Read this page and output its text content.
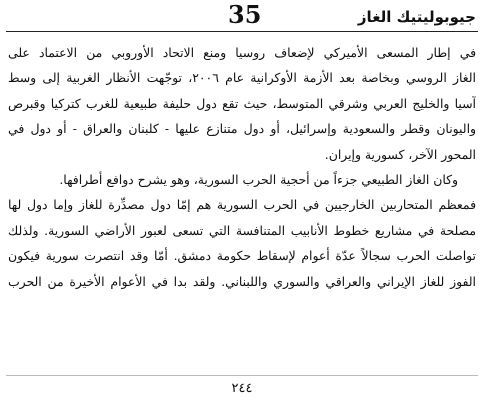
جيوبوليتيك الغاز
35
في إطار المسعى الأميركي لإضعاف روسيا ومنع الاتحاد الأوروبي من الاعتماد على
الغاز الروسي وبخاصة بعد الأزمة الأوكرانية عام ٢٠٠٦، توجّهت الأنظار الغربية إلى وسط
آسيا والخليج العربي وشرقي المتوسط، حيث تقع دول حليفة طبيعية للغرب كتركيا وقبرص
واليونان وقطر والسعودية وإسرائيل، أو دول متنازع عليها - كلبنان والعراق - أو دول في
المحور الآخر، كسورية وإيران.
وكان الغاز الطبيعي جزءاً من أحجية الحرب السورية، وهو يشرح دوافع أطرافها.
فمعظم المتحاربين الخارجيين في الحرب السورية هم إمّا دول مصدِّرة للغاز وإما دول لها
مصلحة في مشاريع خطوط الأنابيب المتنافسة التي تسعى لعبور الأراضي السورية. ولذلك
تواصلت الحرب سجالاً عدّة أعوام لإسقاط حكومة دمشق. أمّا وقد انتصرت سورية فيكون
الفوز للغاز الإيراني والعراقي والسوري واللبناني. ولقد بدا في الأعوام الأخيرة من الحرب
٢٤٤
